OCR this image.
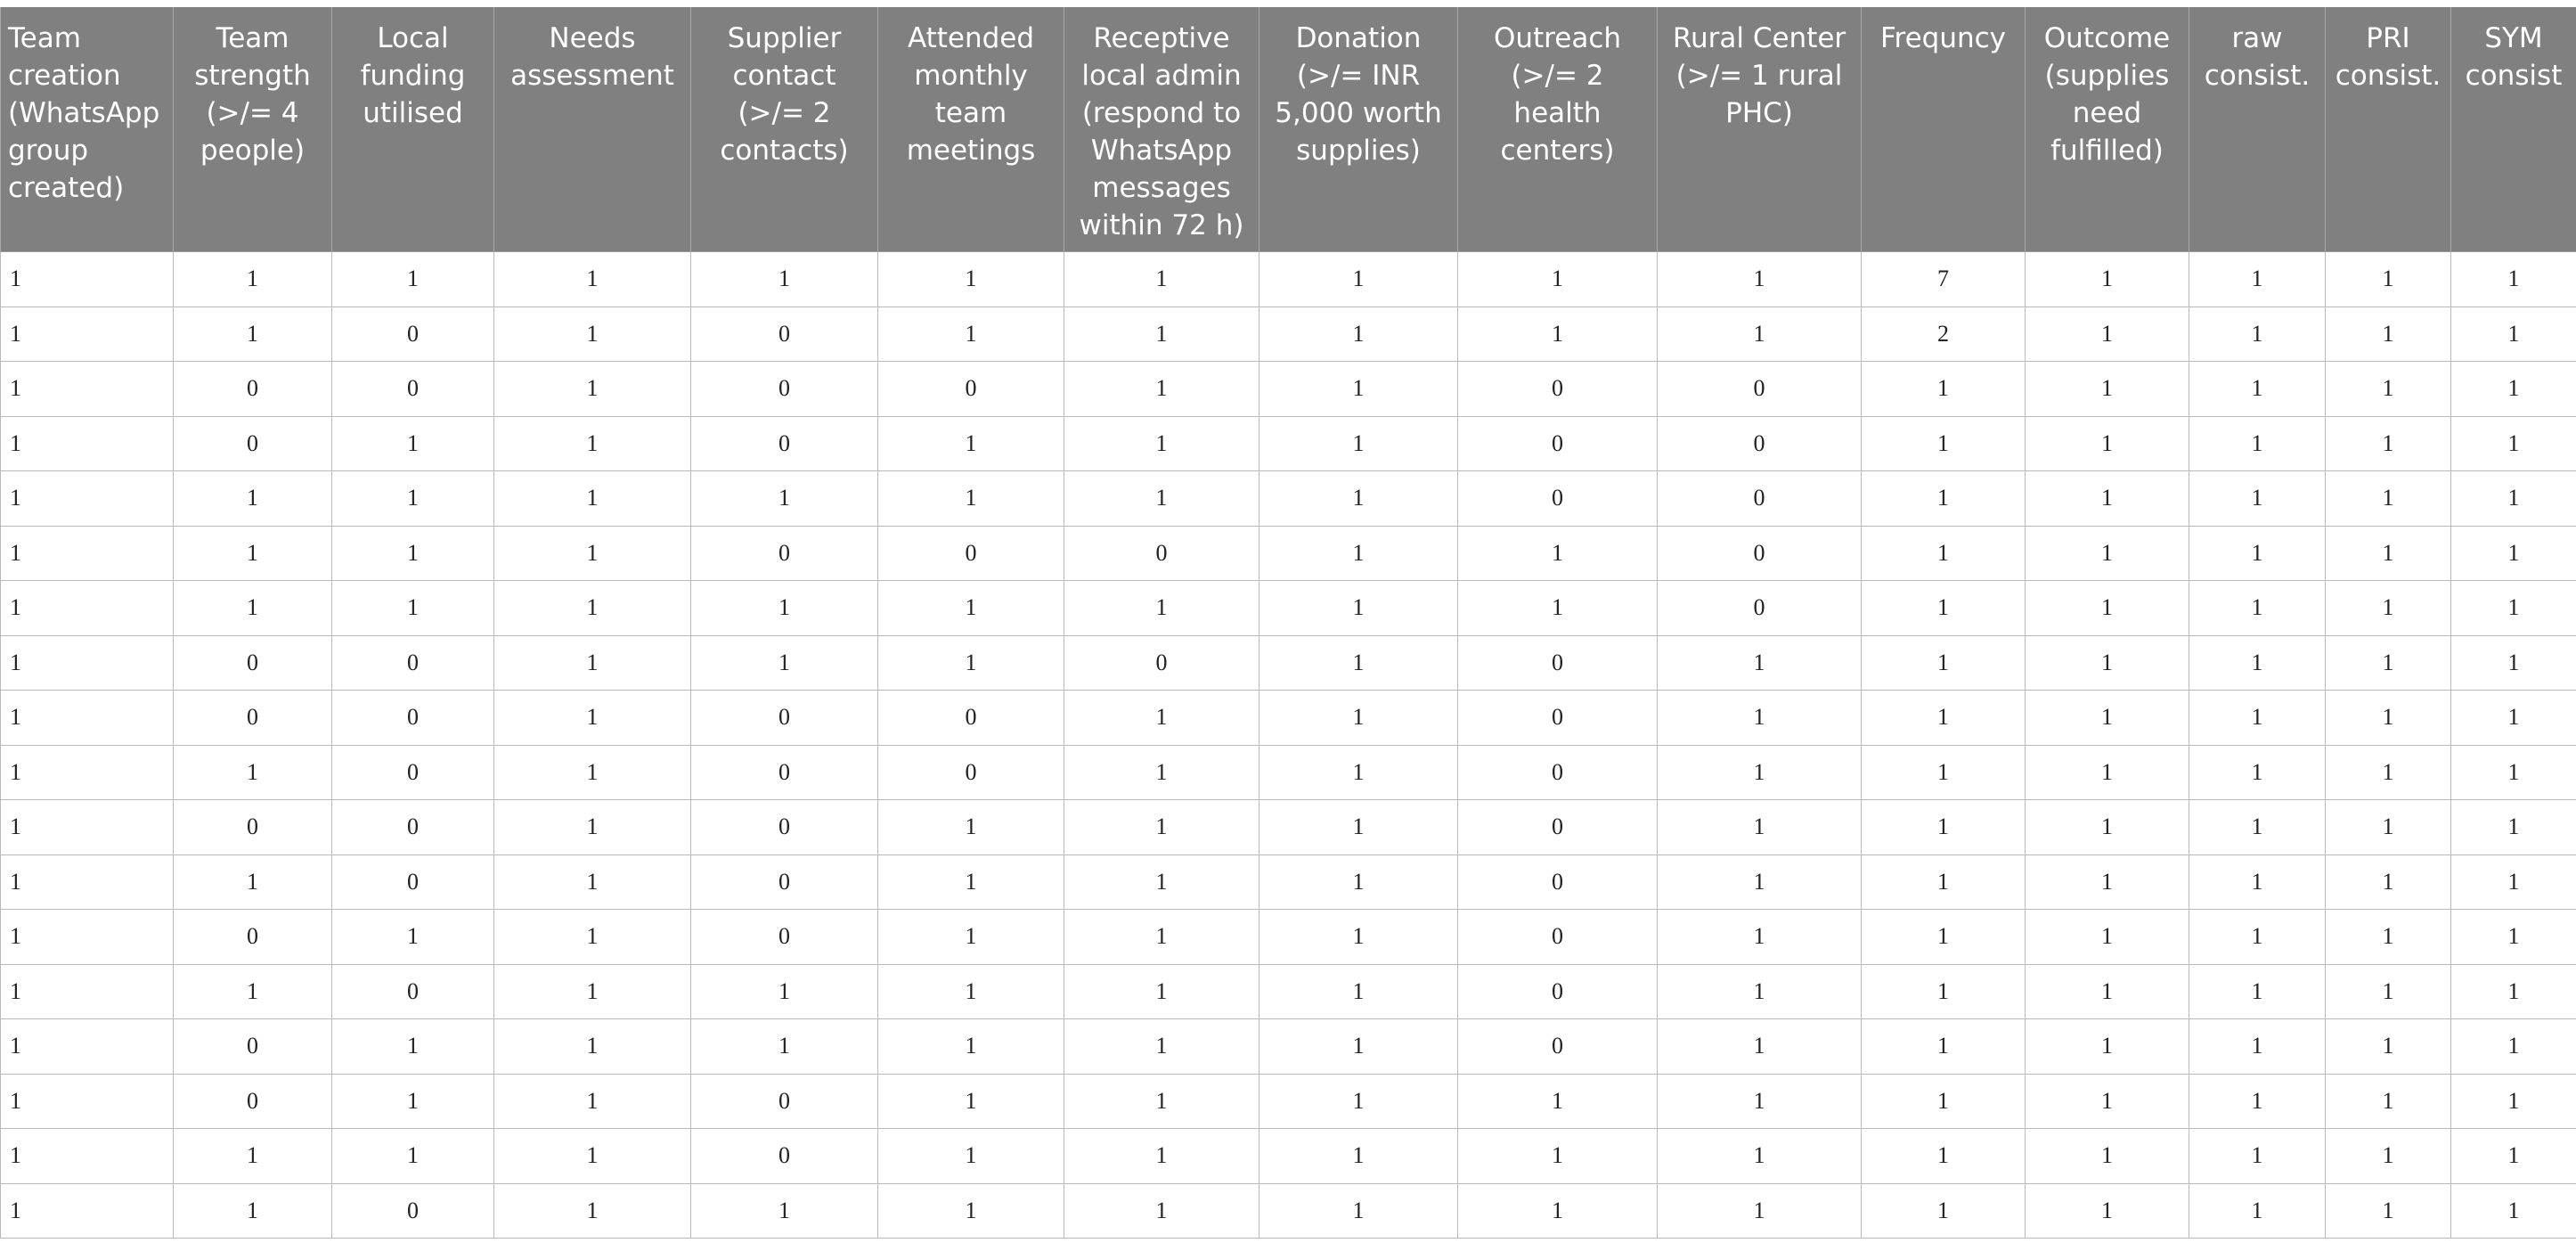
Team creation (WhatsApp group created)	Team strength (>/= 4 people)	Local funding utilised	Needs assessment	Supplier contact (>/= 2 contacts)	Attended monthly team meetings	Receptive local admin (respond to WhatsApp messages within 72 h)	Donation (>/= INR 5,000 worth supplies)	Outreach (>/= 2 health centers)	Rural Center (>/= 1 rural PHC)	Frequncy	Outcome (supplies need fulfilled)	raw consist.	PRI consist.	SYM consist
1	1	1	1	1	1	1	1	1	1	7	1	1	1	1
1	1	0	1	0	1	1	1	1	1	2	1	1	1	1
1	0	0	1	0	0	1	1	0	0	1	1	1	1	1
1	0	1	1	0	1	1	1	0	0	1	1	1	1	1
1	1	1	1	1	1	1	1	0	0	1	1	1	1	1
1	1	1	1	0	0	0	1	1	0	1	1	1	1	1
1	1	1	1	1	1	1	1	1	0	1	1	1	1	1
1	0	0	1	1	1	0	1	0	1	1	1	1	1	1
1	0	0	1	0	0	1	1	0	1	1	1	1	1	1
1	1	0	1	0	0	1	1	0	1	1	1	1	1	1
1	0	0	1	0	1	1	1	0	1	1	1	1	1	1
1	1	0	1	0	1	1	1	0	1	1	1	1	1	1
1	0	1	1	0	1	1	1	0	1	1	1	1	1	1
1	1	0	1	1	1	1	1	0	1	1	1	1	1	1
1	0	1	1	1	1	1	1	0	1	1	1	1	1	1
1	0	1	1	0	1	1	1	1	1	1	1	1	1	1
1	1	1	1	0	1	1	1	1	1	1	1	1	1	1
1	1	0	1	1	1	1	1	1	1	1	1	1	1	1
